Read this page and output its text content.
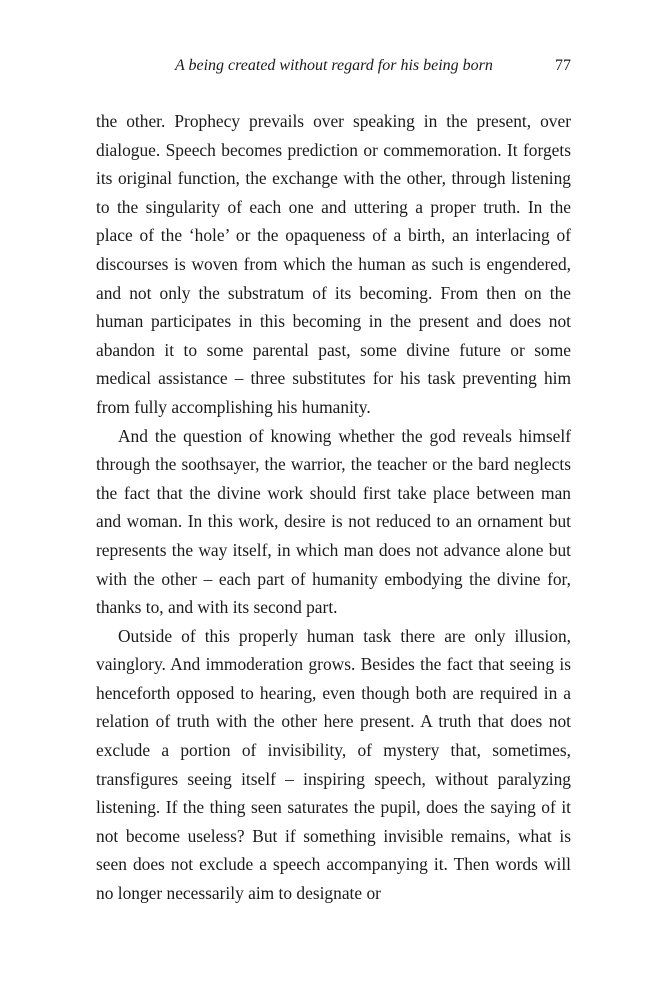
A being created without regard for his being born	77

the other. Prophecy prevails over speaking in the present, over dialogue. Speech becomes prediction or commemoration. It forgets its original function, the exchange with the other, through listening to the singularity of each one and uttering a proper truth. In the place of the ‘hole’ or the opaqueness of a birth, an interlacing of discourses is woven from which the human as such is engendered, and not only the substratum of its becoming. From then on the human participates in this becoming in the present and does not abandon it to some parental past, some divine future or some medical assistance – three substitutes for his task preventing him from fully accomplishing his humanity.

And the question of knowing whether the god reveals himself through the soothsayer, the warrior, the teacher or the bard neglects the fact that the divine work should first take place between man and woman. In this work, desire is not reduced to an ornament but represents the way itself, in which man does not advance alone but with the other – each part of humanity embodying the divine for, thanks to, and with its second part.

Outside of this properly human task there are only illusion, vainglory. And immoderation grows. Besides the fact that seeing is henceforth opposed to hearing, even though both are required in a relation of truth with the other here present. A truth that does not exclude a portion of invisibility, of mystery that, sometimes, transfigures seeing itself – inspiring speech, without paralyzing listening. If the thing seen saturates the pupil, does the saying of it not become useless? But if something invisible remains, what is seen does not exclude a speech accompanying it. Then words will no longer necessarily aim to designate or
